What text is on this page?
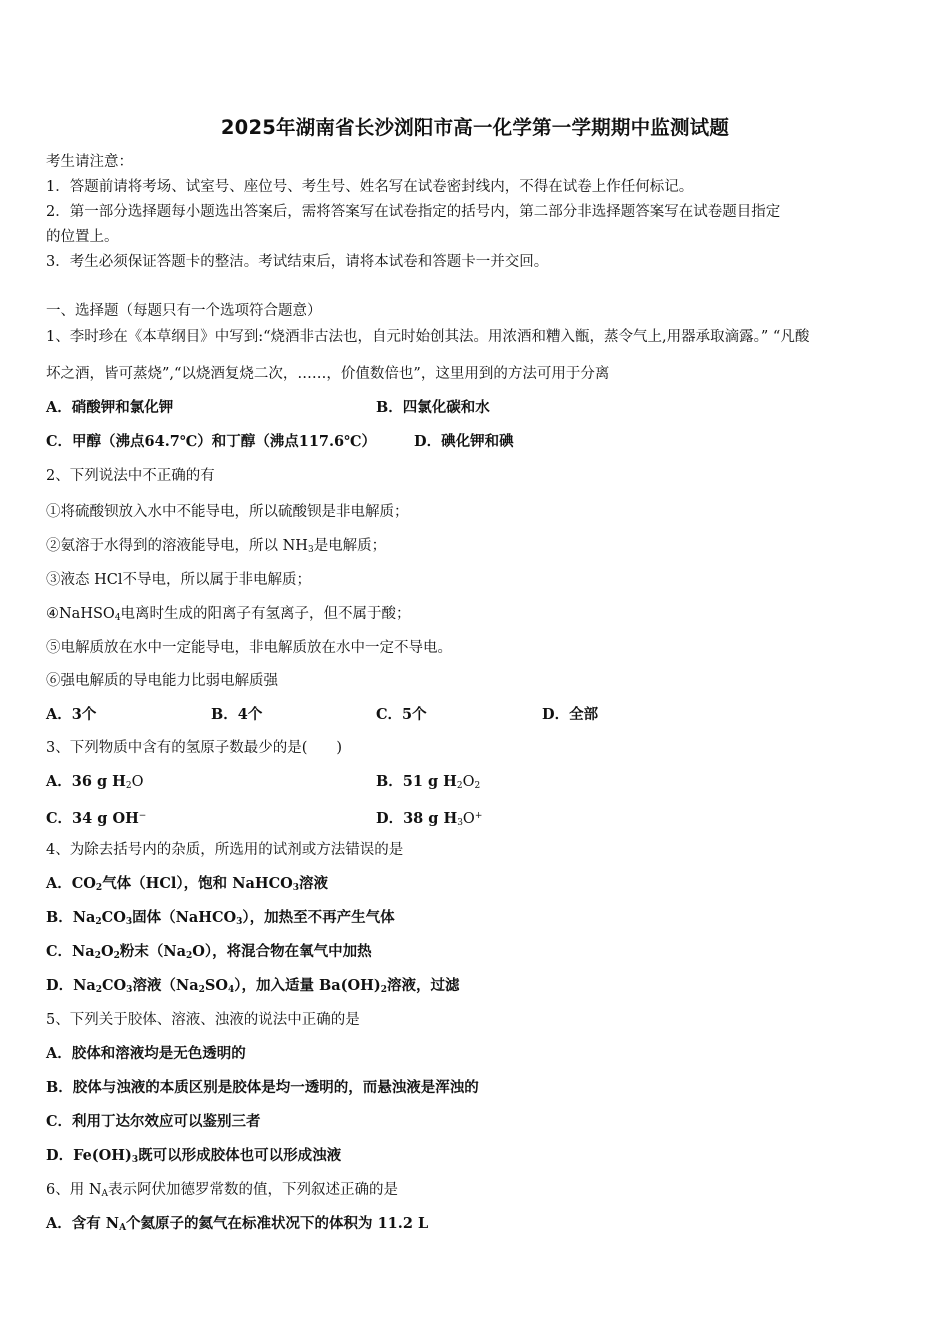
2025年湖南省长沙浏阳市高一化学第一学期期中监测试题
考生请注意：
1．答题前请将考场、试室号、座位号、考生号、姓名写在试卷密封线内，不得在试卷上作任何标记。
2．第一部分选择题每小题选出答案后，需将答案写在试卷指定的括号内，第二部分非选择题答案写在试卷题目指定
的位置上。
3．考生必须保证答题卡的整洁。考试结束后，请将本试卷和答题卡一并交回。
一、选择题（每题只有一个选项符合题意）
1、李时珍在《本草纲目》中写到:“烧酒非古法也，自元时始创其法。用浓酒和糟入甑，蒸令气上,用器承取滴露。” “凡酸
坏之酒，皆可蒸烧”,“以烧酒复烧二次，……，价值数倍也”，这里用到的方法可用于分离
A．硝酸钾和氯化钾	B．四氯化碳和水
C．甲醇（沸点64.7℃）和丁醇（沸点117.6℃）	D．碘化钾和碘
2、下列说法中不正确的有
①将硫酸钡放入水中不能导电，所以硫酸钡是非电解质；
②氨溶于水得到的溶液能导电，所以 $NH_3$是电解质；
③液态 HCl不导电，所以属于非电解质；
④NaHSO$_4$电离时生成的阳离子有氢离子，但不属于酸；
⑤电解质放在水中一定能导电，非电解质放在水中一定不导电。
⑥强电解质的导电能力比弱电解质强
A．3个	B．4个	C．5个	D．全部
3、下列物质中含有的氢原子数最少的是(　　)
A．36 g $H_2O$	B．51 g $H_2O_2$
C．34 g OH−	D．38 g $H_3O^+$
4、为除去括号内的杂质，所选用的试剂或方法错误的是
A．$CO_2$气体（HCl），饱和 NaHCO$_3$溶液
B．$Na_2CO_3$固体（NaHCO$_3$），加热至不再产生气体
C．$Na_2O_2$粉末$(Na_2O)$，将混合物在氧气中加热
D．$Na_2CO_3$溶液$(Na_2SO_4)$，加入适量 $Ba(OH)_2$溶液，过滤
5、下列关于胶体、溶液、浊液的说法中正确的是
A．胶体和溶液均是无色透明的
B．胶体与浊液的本质区别是胶体是均一透明的，而悬浊液是浑浊的
C．利用丁达尔效应可以鉴别三者
D．$Fe(OH)_3$既可以形成胶体也可以形成浊液
6、用 $N_A$表示阿伏加德罗常数的值，下列叙述正确的是
A．含有 $N_A$个氦原子的氦气在标准状况下的体积为 11.2 L
